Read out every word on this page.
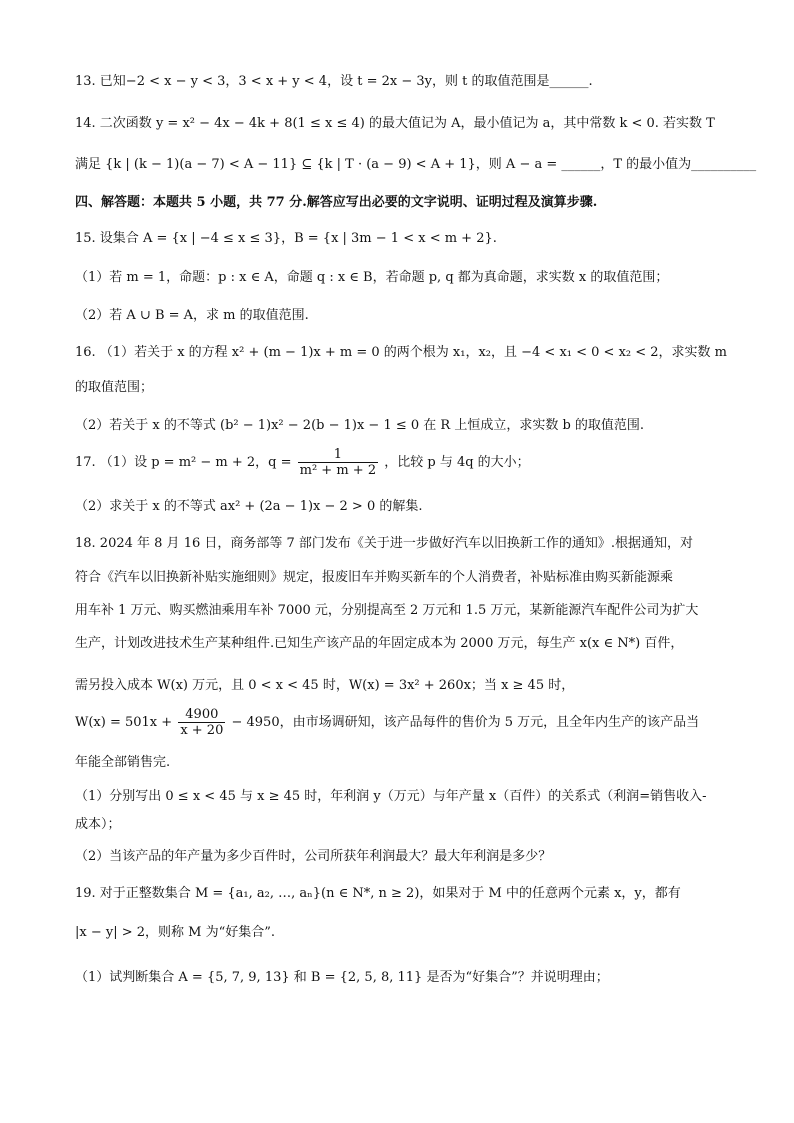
13. 已知−2 < x − y < 3，3 < x + y < 4，设 t = 2x − 3y，则 t 的取值范围是______.
14. 二次函数 y = x² − 4x − 4k + 8(1 ≤ x ≤ 4) 的最大值记为 A，最小值记为 a，其中常数 k < 0. 若实数 T
满足 {k | (k − 1)(a − 7) < A − 11} ⊆ {k | T · (a − 9) < A + 1}，则 A − a = ______，T 的最小值为__________
四、解答题：本题共 5 小题，共 77 分.解答应写出必要的文字说明、证明过程及演算步骤.
15. 设集合 A = {x | −4 ≤ x ≤ 3}，B = {x | 3m − 1 < x < m + 2}.
（1）若 m = 1，命题：p : x ∈ A，命题 q : x ∈ B，若命题 p, q 都为真命题，求实数 x 的取值范围；
（2）若 A ∪ B = A，求 m 的取值范围.
16. （1）若关于 x 的方程 x² + (m − 1)x + m = 0 的两个根为 x₁，x₂，且 −4 < x₁ < 0 < x₂ < 2，求实数 m
的取值范围；
（2）若关于 x 的不等式 (b² − 1)x² − 2(b − 1)x − 1 ≤ 0 在 R 上恒成立，求实数 b 的取值范围.
17. （1）设 p = m² − m + 2，$q = \frac{1}{\text{m² + m + 2}}$ ，比较 p 与 4q 的大小；
（2）求关于 x 的不等式 ax² + (2a − 1)x − 2 > 0 的解集.
18. 2024 年 8 月 16 日，商务部等 7 部门发布《关于进一步做好汽车以旧换新工作的通知》.根据通知，对
符合《汽车以旧换新补贴实施细则》规定，报废旧车并购买新车的个人消费者，补贴标准由购买新能源乘
用车补 1 万元、购买燃油乘用车补 7000 元，分别提高至 2 万元和 1.5 万元，某新能源汽车配件公司为扩大
生产，计划改进技术生产某种组件.已知生产该产品的年固定成本为 2000 万元，每生产 x(x ∈ N*) 百件，
需另投入成本 W(x) 万元，且 0 < x < 45 时，W(x) = 3x² + 260x；当 x ≥ 45 时，
$W(x) = 501x + \frac{4900}{x + 20} - 4950$，由市场调研知，该产品每件的售价为 5 万元，且全年内生产的该产品当
年能全部销售完.
（1）分别写出 0 ≤ x < 45 与 x ≥ 45 时，年利润 y（万元）与年产量 x（百件）的关系式（利润=销售收入-
成本）；
（2）当该产品的年产量为多少百件时，公司所获年利润最大？最大年利润是多少？
19. 对于正整数集合 M = {a₁, a₂, …, aₙ}(n ∈ N*, n ≥ 2)，如果对于 M 中的任意两个元素 x，y，都有
|x − y| > 2，则称 M 为“好集合”.
（1）试判断集合 A = {5, 7, 9, 13} 和 B = {2, 5, 8, 11} 是否为“好集合”？并说明理由；
